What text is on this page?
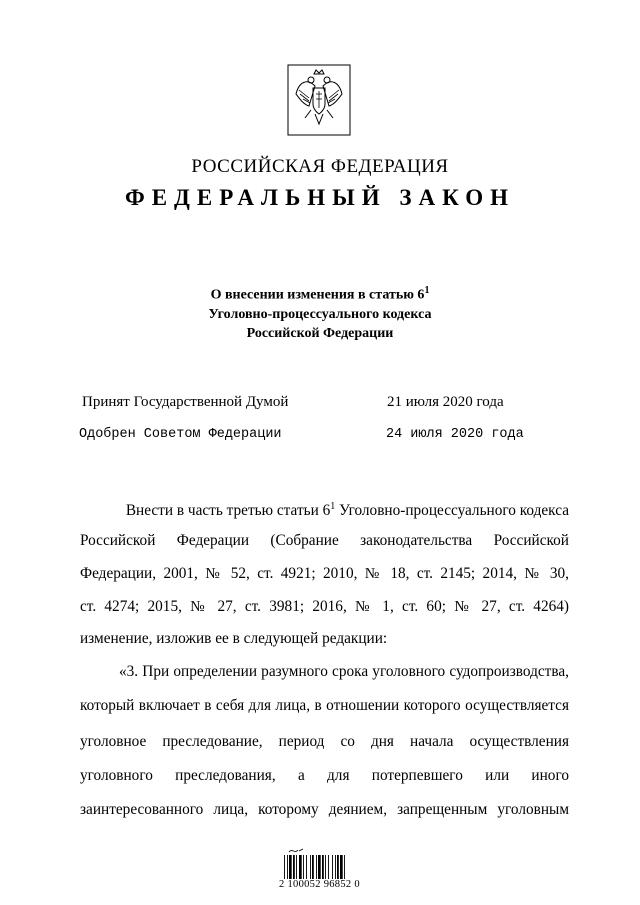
РОССИЙСКАЯ ФЕДЕРАЦИЯ
ФЕДЕРАЛЬНЫЙ ЗАКОН
О внесении изменения в статью $6^1$
Уголовно-процессуального кодекса
Российской Федерации
Принят Государственной Думой	21 июля 2020 года
Одобрен Советом Федерации	24 июля 2020 года
Внести в часть третью статьи $6^1$ Уголовно-процессуального кодекса
Российской Федерации (Собрание законодательства Российской
Федерации, 2001, № 52, ст. 4921; 2010, № 18, ст. 2145; 2014, № 30,
ст. 4274; 2015, № 27, ст. 3981; 2016, № 1, ст. 60; № 27, ст. 4264)
изменение, изложив ее в следующей редакции:
«3. При определении разумного срока уголовного судопроизводства,
который включает в себя для лица, в отношении которого осуществляется
уголовное преследование, период со дня начала осуществления
уголовного преследования, а для потерпевшего или иного
заинтересованного лица, которому деянием, запрещенным уголовным
2 100052 96852 0
